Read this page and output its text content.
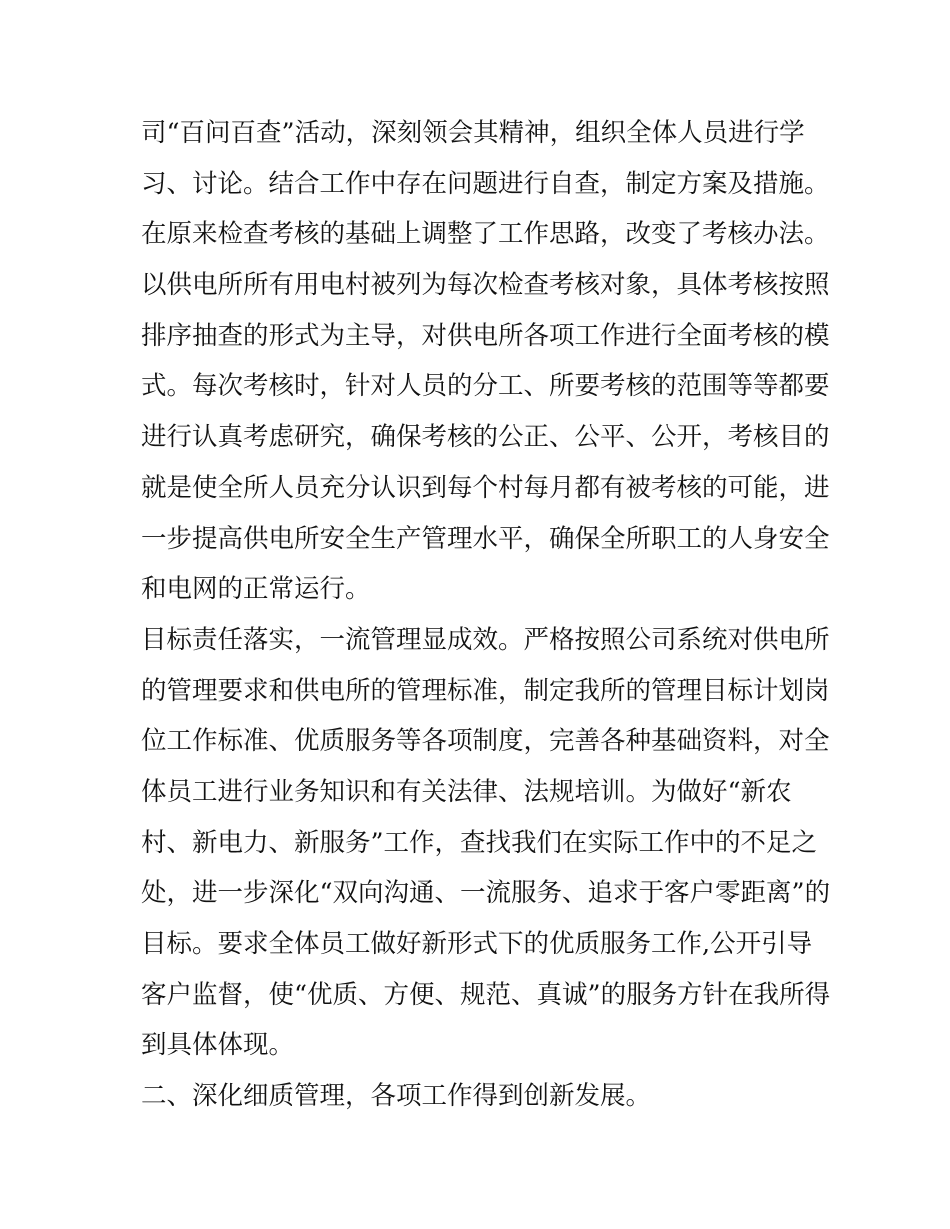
司“百问百查”活动，深刻领会其精神，组织全体人员进行学
习、讨论。结合工作中存在问题进行自查，制定方案及措施。
在原来检查考核的基础上调整了工作思路，改变了考核办法。
以供电所所有用电村被列为每次检查考核对象，具体考核按照
排序抽查的形式为主导，对供电所各项工作进行全面考核的模
式。每次考核时，针对人员的分工、所要考核的范围等等都要
进行认真考虑研究，确保考核的公正、公平、公开，考核目的
就是使全所人员充分认识到每个村每月都有被考核的可能，进
一步提高供电所安全生产管理水平，确保全所职工的人身安全
和电网的正常运行。
目标责任落实，一流管理显成效。严格按照公司系统对供电所
的管理要求和供电所的管理标准，制定我所的管理目标计划岗
位工作标准、优质服务等各项制度，完善各种基础资料，对全
体员工进行业务知识和有关法律、法规培训。为做好“新农
村、新电力、新服务”工作，查找我们在实际工作中的不足之
处，进一步深化“双向沟通、一流服务、追求于客户零距离”的
目标。要求全体员工做好新形式下的优质服务工作,公开引导
客户监督，使“优质、方便、规范、真诚”的服务方针在我所得
到具体体现。
二、深化细质管理，各项工作得到创新发展。
